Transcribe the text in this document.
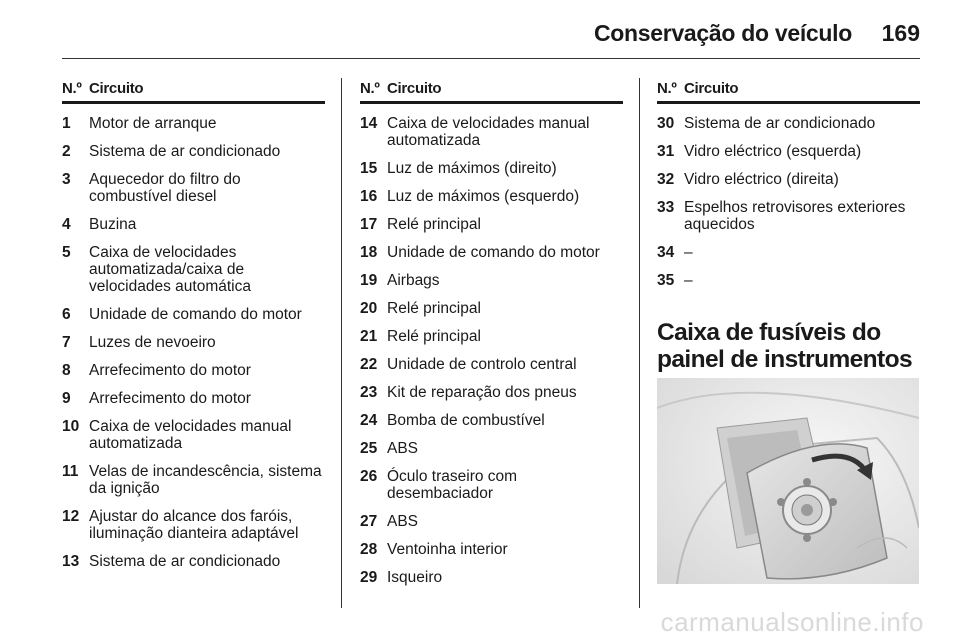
Conservação do veículo 169
N.º Circuito
1	Motor de arranque
2	Sistema de ar condicionado
3	Aquecedor do filtro do combustível diesel
4	Buzina
5	Caixa de velocidades automatizada/caixa de velocidades automática
6	Unidade de comando do motor
7	Luzes de nevoeiro
8	Arrefecimento do motor
9	Arrefecimento do motor
10 Caixa de velocidades manual automatizada
11 Velas de incandescência, sistema da ignição
12 Ajustar do alcance dos faróis, iluminação dianteira adaptável
13 Sistema de ar condicionado
N.º Circuito
14 Caixa de velocidades manual automatizada
15 Luz de máximos (direito)
16 Luz de máximos (esquerdo)
17 Relé principal
18 Unidade de comando do motor
19 Airbags
20 Relé principal
21 Relé principal
22 Unidade de controlo central
23 Kit de reparação dos pneus
24 Bomba de combustível
25 ABS
26 Óculo traseiro com desembaciador
27 ABS
28 Ventoinha interior
29 Isqueiro
N.º Circuito
30 Sistema de ar condicionado
31 Vidro eléctrico (esquerda)
32 Vidro eléctrico (direita)
33 Espelhos retrovisores exteriores aquecidos
34 –
35 –
Caixa de fusíveis do painel de instrumentos
carmanualsonline.info
